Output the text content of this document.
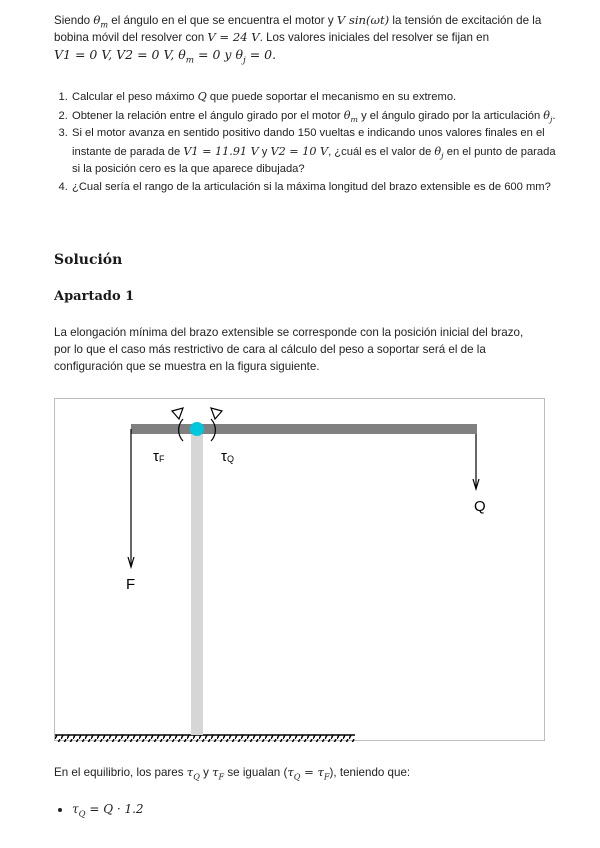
Siendo $\theta_m$ el ángulo en el que se encuentra el motor y V sin(ωt) la tensión de excitación de la bobina móvil del resolver con V = 24 V. Los valores iniciales del resolver se fijan en
V1 = 0 V, V2 = 0 V, $\theta_m = 0$ y $\theta_j = 0$.

1. Calcular el peso máximo Q que puede soportar el mecanismo en su extremo.
2. Obtener la relación entre el ángulo girado por el motor $\theta_m$ y el ángulo girado por la articulación $\theta_j$.
3. Si el motor avanza en sentido positivo dando 150 vueltas e indicando unos valores finales en el instante de parada de V1 = 11.91 V y V2 = 10 V, ¿cuál es el valor de $\theta_j$ en el punto de parada si la posición cero es la que aparece dibujada?
4. ¿Cual sería el rango de la articulación si la máxima longitud del brazo extensible es de 600 mm?
Solución
Apartado 1

La elongación mínima del brazo extensible se corresponde con la posición inicial del brazo, por lo que el caso más restrictivo de cara al cálculo del peso a soportar será el de la configuración que se muestra en la figura siguiente.

τF	τQ
F
Q

En el equilibrio, los pares $\tau_Q$ y $\tau_F$ se igualan $(\tau_Q = \tau_F)$, teniendo que:

• $\tau_Q = Q \cdot 1.2$
